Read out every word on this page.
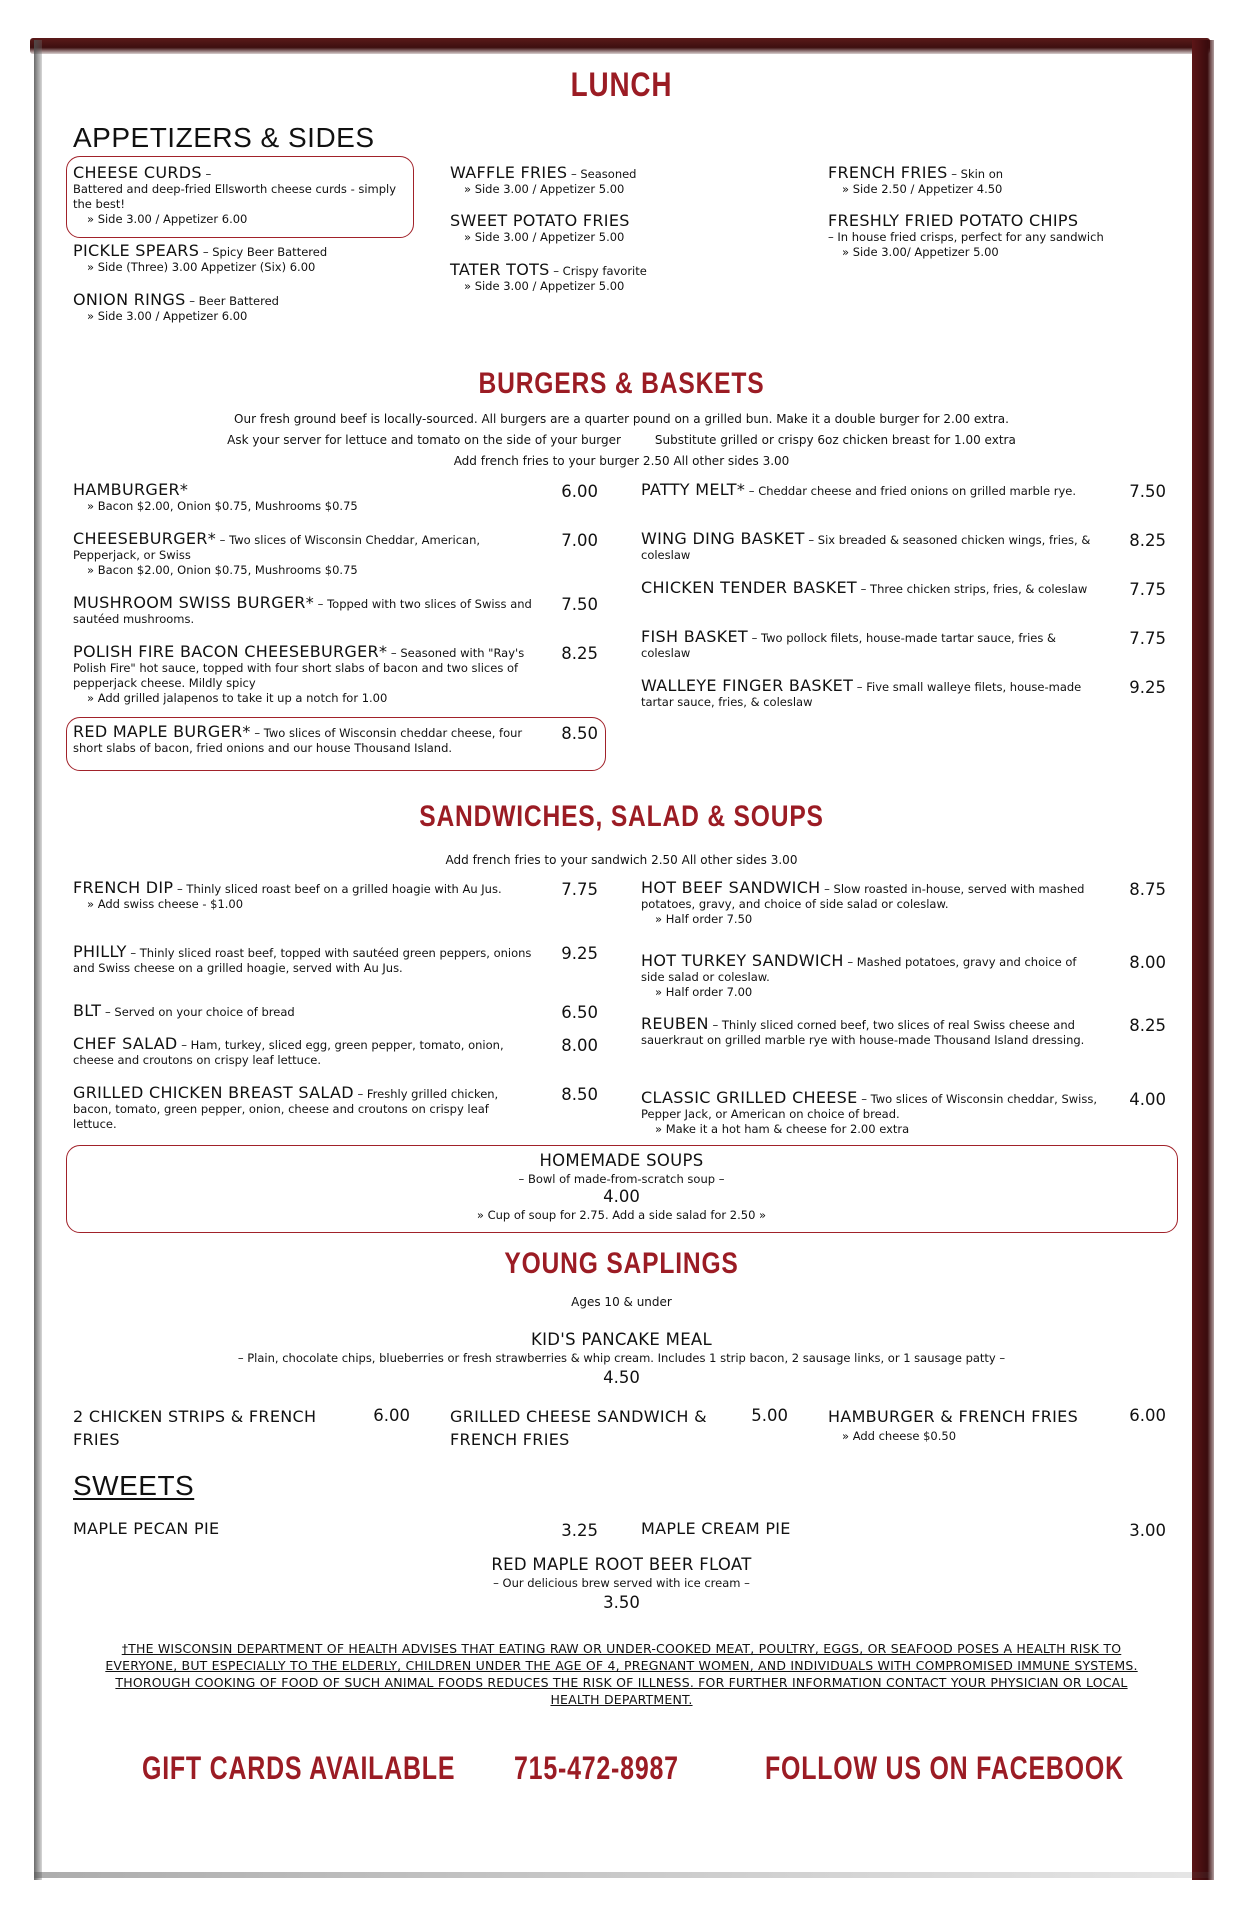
LUNCH
APPETIZERS & SIDES
CHEESE CURDS –
Battered and deep-fried Ellsworth cheese curds - simply the best!
» Side 3.00 / Appetizer 6.00
PICKLE SPEARS – Spicy Beer Battered
» Side (Three) 3.00 Appetizer (Six) 6.00
ONION RINGS – Beer Battered
» Side 3.00 / Appetizer 6.00
WAFFLE FRIES – Seasoned
» Side 3.00 / Appetizer 5.00
SWEET POTATO FRIES
» Side 3.00 / Appetizer 5.00
TATER TOTS – Crispy favorite
» Side 3.00 / Appetizer 5.00
FRENCH FRIES – Skin on
» Side 2.50 / Appetizer 4.50
FRESHLY FRIED POTATO CHIPS
– In house fried crisps, perfect for any sandwich
» Side 3.00/ Appetizer 5.00
BURGERS & BASKETS
Our fresh ground beef is locally-sourced. All burgers are a quarter pound on a grilled bun. Make it a double burger for 2.00 extra.
Ask your server for lettuce and tomato on the side of your burger	Substitute grilled or crispy 6oz chicken breast for 1.00 extra
Add french fries to your burger 2.50 All other sides 3.00
HAMBURGER*
» Bacon $2.00, Onion $0.75, Mushrooms $0.75
6.00
CHEESEBURGER* – Two slices of Wisconsin Cheddar, American, Pepperjack, or Swiss
» Bacon $2.00, Onion $0.75, Mushrooms $0.75
7.00
MUSHROOM SWISS BURGER* – Topped with two slices of Swiss and sautéed mushrooms.
7.50
POLISH FIRE BACON CHEESEBURGER* – Seasoned with "Ray's Polish Fire" hot sauce, topped with four short slabs of bacon and two slices of pepperjack cheese. Mildly spicy
» Add grilled jalapenos to take it up a notch for 1.00
8.25
RED MAPLE BURGER* – Two slices of Wisconsin cheddar cheese, four short slabs of bacon, fried onions and our house Thousand Island.
8.50
PATTY MELT* – Cheddar cheese and fried onions on grilled marble rye.	7.50
WING DING BASKET – Six breaded & seasoned chicken wings, fries, & coleslaw
8.25
CHICKEN TENDER BASKET – Three chicken strips, fries, & coleslaw	7.75
FISH BASKET – Two pollock filets, house-made tartar sauce, fries & coleslaw
7.75
WALLEYE FINGER BASKET – Five small walleye filets, house-made tartar sauce, fries, & coleslaw
9.25
SANDWICHES, SALAD & SOUPS
Add french fries to your sandwich 2.50 All other sides 3.00
FRENCH DIP – Thinly sliced roast beef on a grilled hoagie with Au Jus.
» Add swiss cheese - $1.00
7.75
PHILLY – Thinly sliced roast beef, topped with sautéed green peppers, onions and Swiss cheese on a grilled hoagie, served with Au Jus.
9.25
BLT – Served on your choice of bread	6.50
CHEF SALAD – Ham, turkey, sliced egg, green pepper, tomato, onion, cheese and croutons on crispy leaf lettuce.
8.00
GRILLED CHICKEN BREAST SALAD – Freshly grilled chicken, bacon, tomato, green pepper, onion, cheese and croutons on crispy leaf lettuce.
8.50
HOT BEEF SANDWICH – Slow roasted in-house, served with mashed potatoes, gravy, and choice of side salad or coleslaw.
» Half order 7.50
8.75
HOT TURKEY SANDWICH – Mashed potatoes, gravy and choice of side salad or coleslaw.
» Half order 7.00
8.00
REUBEN – Thinly sliced corned beef, two slices of real Swiss cheese and sauerkraut on grilled marble rye with house-made Thousand Island dressing.
8.25
CLASSIC GRILLED CHEESE – Two slices of Wisconsin cheddar, Swiss, Pepper Jack, or American on choice of bread.
» Make it a hot ham & cheese for 2.00 extra
4.00
HOMEMADE SOUPS
– Bowl of made-from-scratch soup –
4.00
» Cup of soup for 2.75. Add a side salad for 2.50 »
YOUNG SAPLINGS
Ages 10 & under
KID'S PANCAKE MEAL
– Plain, chocolate chips, blueberries or fresh strawberries & whip cream. Includes 1 strip bacon, 2 sausage links, or 1 sausage patty –
4.50
2 CHICKEN STRIPS & FRENCH FRIES
6.00	GRILLED CHEESE SANDWICH & FRENCH FRIES
5.00	HAMBURGER & FRENCH FRIES
» Add cheese $0.50
6.00
SWEETS
MAPLE PECAN PIE	3.25	MAPLE CREAM PIE	3.00
RED MAPLE ROOT BEER FLOAT
– Our delicious brew served with ice cream –
3.50
†THE WISCONSIN DEPARTMENT OF HEALTH ADVISES THAT EATING RAW OR UNDER-COOKED MEAT, POULTRY, EGGS, OR SEAFOOD POSES A HEALTH RISK TO EVERYONE, BUT ESPECIALLY TO THE ELDERLY, CHILDREN UNDER THE AGE OF 4, PREGNANT WOMEN, AND INDIVIDUALS WITH COMPROMISED IMMUNE SYSTEMS. THOROUGH COOKING OF FOOD OF SUCH ANIMAL FOODS REDUCES THE RISK OF ILLNESS. FOR FURTHER INFORMATION CONTACT YOUR PHYSICIAN OR LOCAL HEALTH DEPARTMENT.
GIFT CARDS AVAILABLE 715-472-8987	FOLLOW US ON FACEBOOK
